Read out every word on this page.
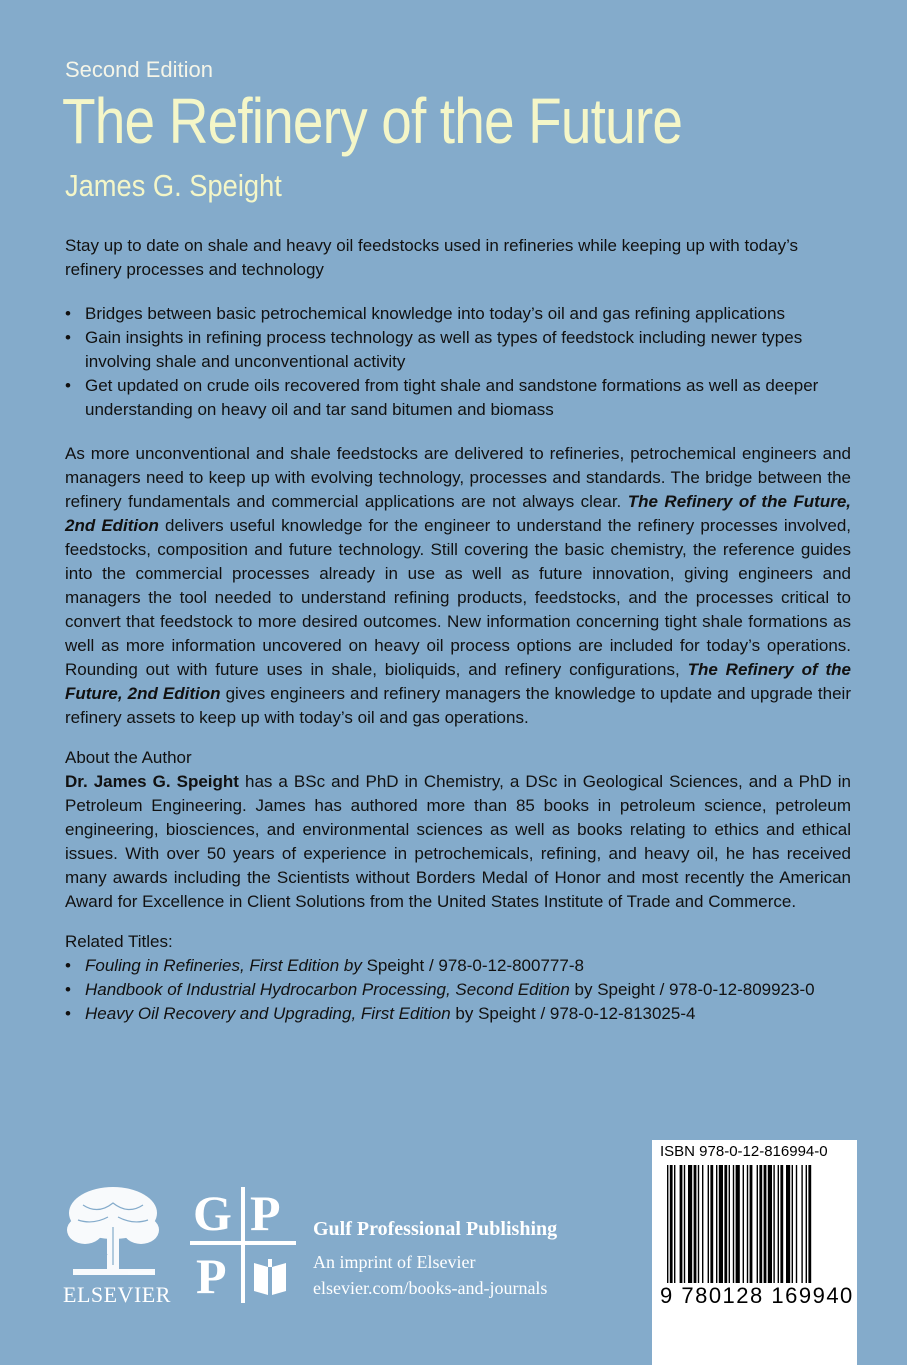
Second Edition
The Refinery of the Future
James G. Speight

Stay up to date on shale and heavy oil feedstocks used in refineries while keeping up with today’s refinery processes and technology

• Bridges between basic petrochemical knowledge into today’s oil and gas refining applications
• Gain insights in refining process technology as well as types of feedstock including newer types involving shale and unconventional activity
• Get updated on crude oils recovered from tight shale and sandstone formations as well as deeper understanding on heavy oil and tar sand bitumen and biomass

As more unconventional and shale feedstocks are delivered to refineries, petrochemical engineers and managers need to keep up with evolving technology, processes and standards. The bridge between the refinery fundamentals and commercial applications are not always clear. The Refinery of the Future, 2nd Edition delivers useful knowledge for the engineer to understand the refinery processes involved, feedstocks, composition and future technology. Still covering the basic chemistry, the reference guides into the commercial processes already in use as well as future innovation, giving engineers and managers the tool needed to understand refining products, feedstocks, and the processes critical to convert that feedstock to more desired outcomes. New information concerning tight shale formations as well as more information uncovered on heavy oil process options are included for today’s operations. Rounding out with future uses in shale, bioliquids, and refinery configurations, The Refinery of the Future, 2nd Edition gives engineers and refinery managers the knowledge to update and upgrade their refinery assets to keep up with today’s oil and gas operations.

About the Author

Dr. James G. Speight has a BSc and PhD in Chemistry, a DSc in Geological Sciences, and a PhD in Petroleum Engineering. James has authored more than 85 books in petroleum science, petroleum engineering, biosciences, and environmental sciences as well as books relating to ethics and ethical issues. With over 50 years of experience in petrochemicals, refining, and heavy oil, he has received many awards including the Scientists without Borders Medal of Honor and most recently the American Award for Excellence in Client Solutions from the United States Institute of Trade and Commerce.

Related Titles:

• Fouling in Refineries, First Edition by Speight / 978-0-12-800777-8
• Handbook of Industrial Hydrocarbon Processing, Second Edition by Speight / 978-0-12-809923-0
• Heavy Oil Recovery and Upgrading, First Edition by Speight / 978-0-12-813025-4
ELSEVIER
G P
P
Gulf Professional Publishing
An imprint of Elsevier
elsevier.com/books-and-journals
ISBN 978-0-12-816994-0
9 780128 169940
